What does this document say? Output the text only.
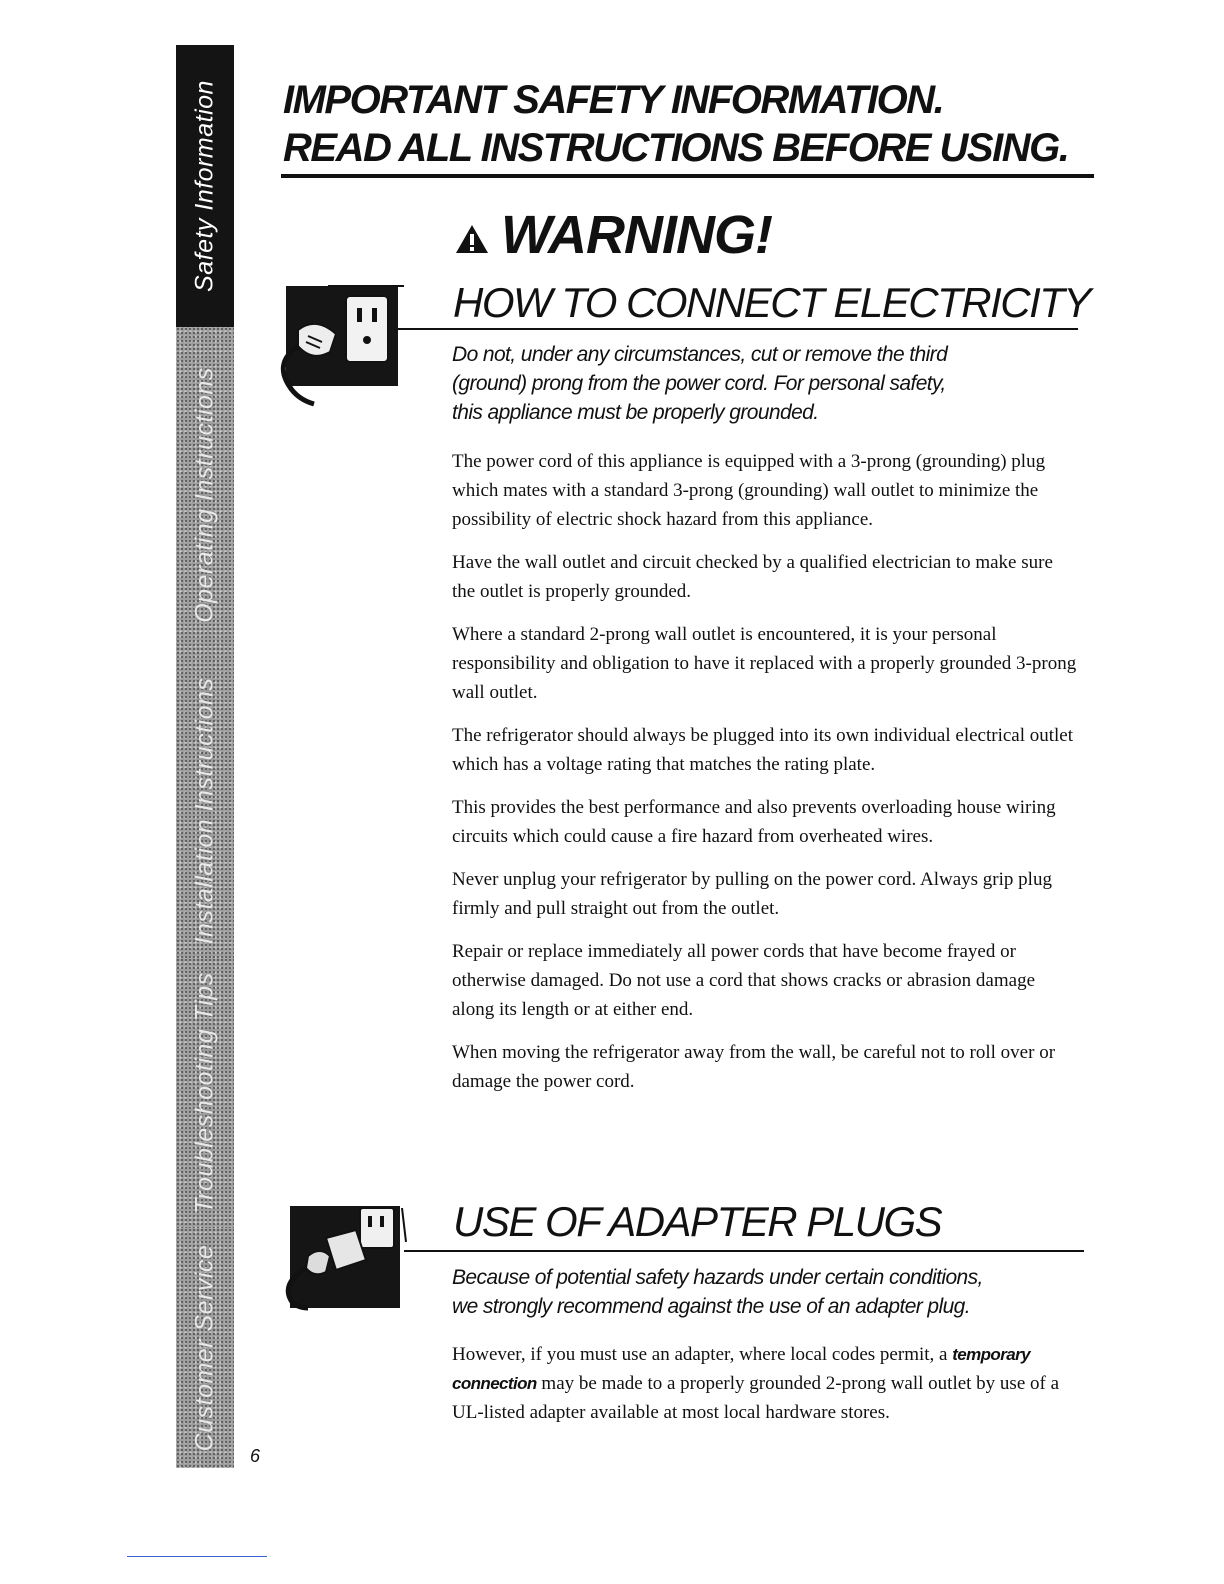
Safety Information
Operating Instructions
Installation Instructions
Troubleshooting Tips
Customer Service
6
IMPORTANT SAFETY INFORMATION.
READ ALL INSTRUCTIONS BEFORE USING.
WARNING!
HOW TO CONNECT ELECTRICITY

Do not, under any circumstances, cut or remove the third
(ground) prong from the power cord. For personal safety,
this appliance must be properly grounded.

The power cord of this appliance is equipped with a 3-prong (grounding) plug which mates with a standard 3-prong (grounding) wall outlet to minimize the possibility of electric shock hazard from this appliance.

Have the wall outlet and circuit checked by a qualified electrician to make sure the outlet is properly grounded.

Where a standard 2-prong wall outlet is encountered, it is your personal responsibility and obligation to have it replaced with a properly grounded 3-prong wall outlet.

The refrigerator should always be plugged into its own individual electrical outlet which has a voltage rating that matches the rating plate.

This provides the best performance and also prevents overloading house wiring circuits which could cause a fire hazard from overheated wires.

Never unplug your refrigerator by pulling on the power cord. Always grip plug firmly and pull straight out from the outlet.

Repair or replace immediately all power cords that have become frayed or otherwise damaged. Do not use a cord that shows cracks or abrasion damage along its length or at either end.

When moving the refrigerator away from the wall, be careful not to roll over or damage the power cord.

USE OF ADAPTER PLUGS

Because of potential safety hazards under certain conditions,
we strongly recommend against the use of an adapter plug.

However, if you must use an adapter, where local codes permit, a temporary connection may be made to a properly grounded 2-prong wall outlet by use of a UL-listed adapter available at most local hardware stores.
